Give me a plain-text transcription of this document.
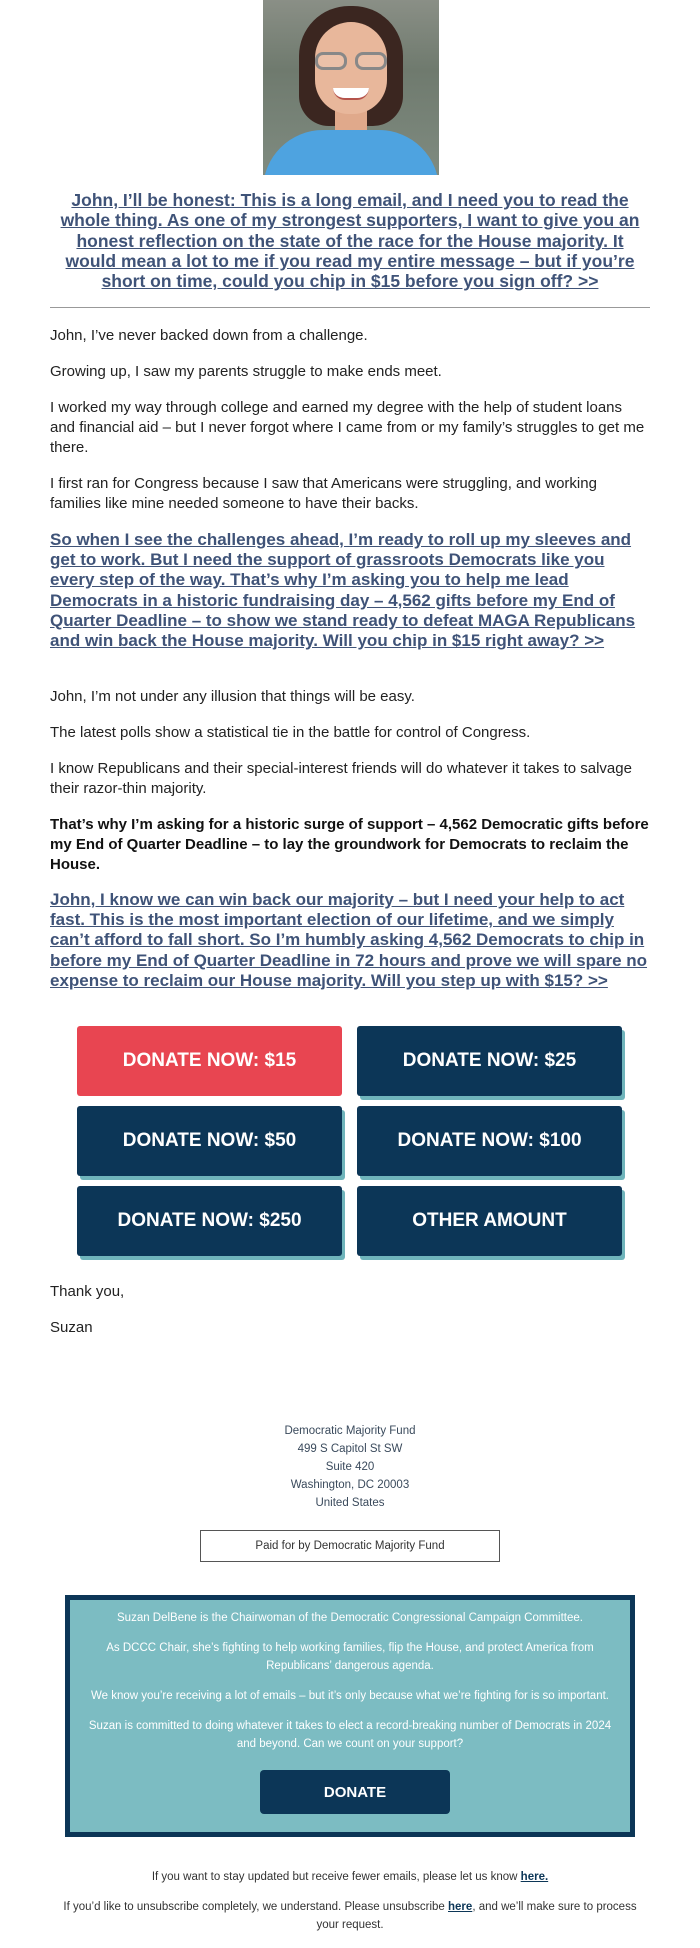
John, I’ll be honest: This is a long email, and I need you to read the whole thing. As one of my strongest supporters, I want to give you an honest reflection on the state of the race for the House majority. It would mean a lot to me if you read my entire message – but if you’re short on time, could you chip in $15 before you sign off? >>
John, I’ve never backed down from a challenge.
Growing up, I saw my parents struggle to make ends meet.
I worked my way through college and earned my degree with the help of student loans and financial aid – but I never forgot where I came from or my family’s struggles to get me there.
I first ran for Congress because I saw that Americans were struggling, and working families like mine needed someone to have their backs.
So when I see the challenges ahead, I’m ready to roll up my sleeves and get to work. But I need the support of grassroots Democrats like you every step of the way. That’s why I’m asking you to help me lead Democrats in a historic fundraising day – 4,562 gifts before my End of Quarter Deadline – to show we stand ready to defeat MAGA Republicans and win back the House majority. Will you chip in $15 right away? >>
John, I’m not under any illusion that things will be easy.
The latest polls show a statistical tie in the battle for control of Congress.
I know Republicans and their special-interest friends will do whatever it takes to salvage their razor-thin majority.
That’s why I’m asking for a historic surge of support – 4,562 Democratic gifts before my End of Quarter Deadline – to lay the groundwork for Democrats to reclaim the House.
John, I know we can win back our majority – but I need your help to act fast. This is the most important election of our lifetime, and we simply can’t afford to fall short. So I’m humbly asking 4,562 Democrats to chip in before my End of Quarter Deadline in 72 hours and prove we will spare no expense to reclaim our House majority. Will you step up with $15? >>
DONATE NOW: $15	DONATE NOW: $25
DONATE NOW: $50	DONATE NOW: $100
DONATE NOW: $250	OTHER AMOUNT
Thank you,
Suzan
Democratic Majority Fund
499 S Capitol St SW
Suite 420
Washington, DC 20003
United States
Paid for by Democratic Majority Fund

Suzan DelBene is the Chairwoman of the Democratic Congressional Campaign Committee.

As DCCC Chair, she’s fighting to help working families, flip the House, and protect America from Republicans’ dangerous agenda.

We know you’re receiving a lot of emails – but it’s only because what we’re fighting for is so important.

Suzan is committed to doing whatever it takes to elect a record-breaking number of Democrats in 2024 and beyond. Can we count on your support?

DONATE
If you want to stay updated but receive fewer emails, please let us know here.
If you’d like to unsubscribe completely, we understand. Please unsubscribe here, and we’ll make sure to process your request.
